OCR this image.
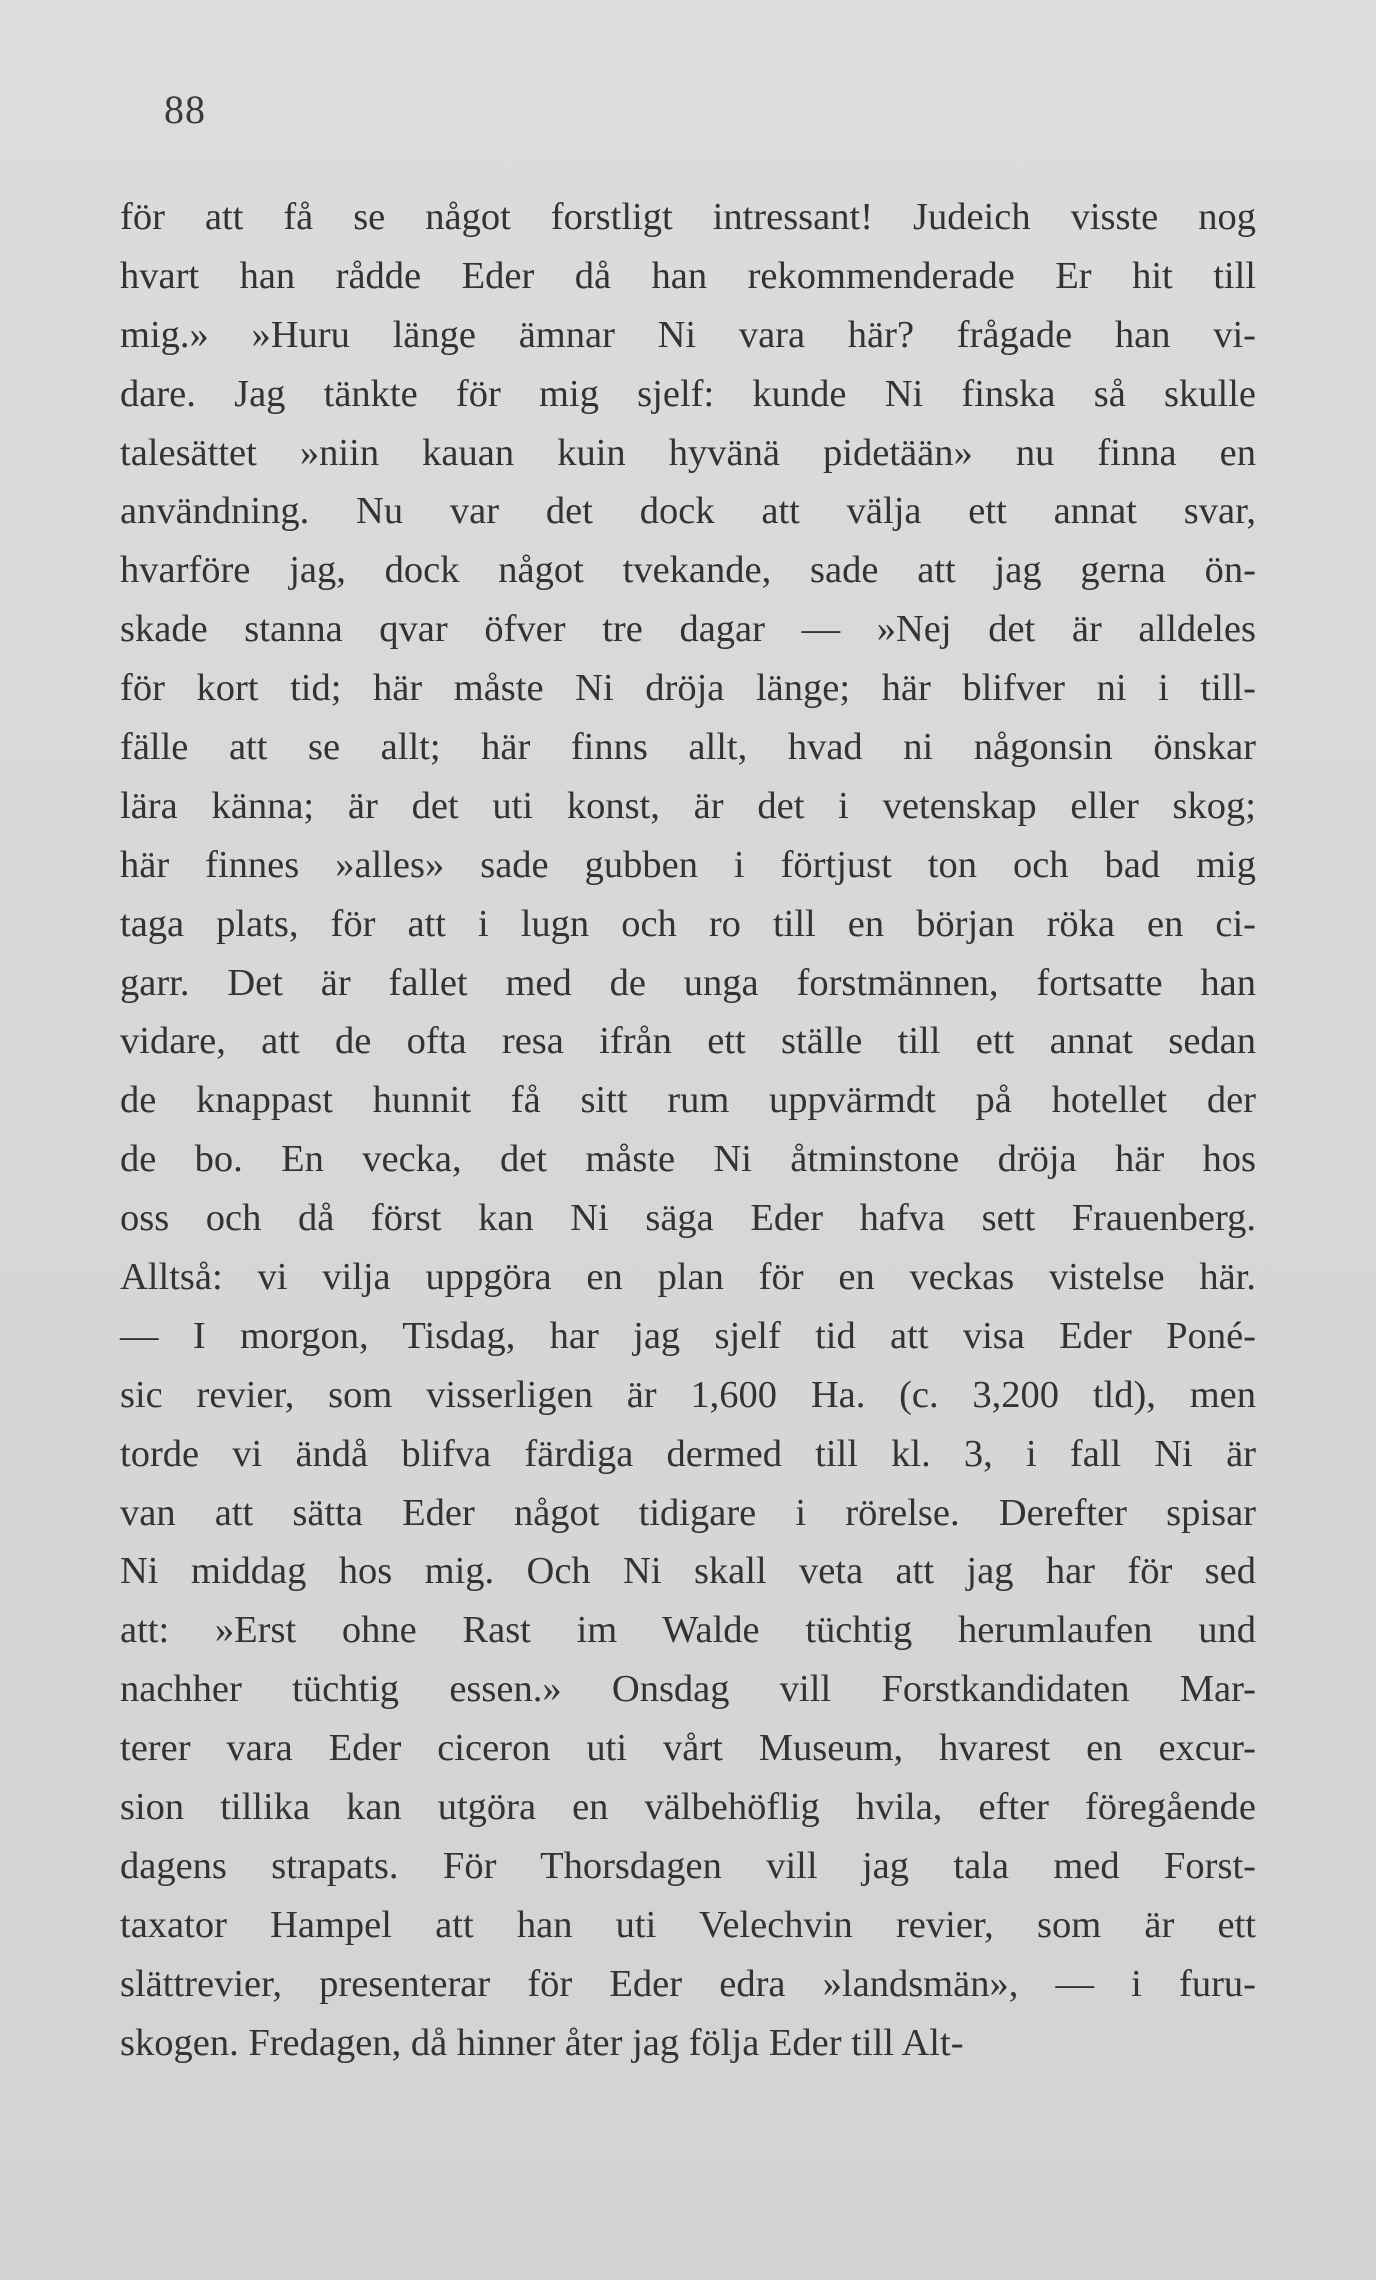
88
för att få se något forstligt intressant! Judeich visste nog
hvart han rådde Eder då han rekommenderade Er hit till
mig.» »Huru länge ämnar Ni vara här? frågade han vi-
dare. Jag tänkte för mig sjelf: kunde Ni finska så skulle
talesättet »niin kauan kuin hyvänä pidetään» nu finna en
användning. Nu var det dock att välja ett annat svar,
hvarföre jag, dock något tvekande, sade att jag gerna ön-
skade stanna qvar öfver tre dagar — »Nej det är alldeles
för kort tid; här måste Ni dröja länge; här blifver ni i till-
fälle att se allt; här finns allt, hvad ni någonsin önskar
lära känna; är det uti konst, är det i vetenskap eller skog;
här finnes »alles» sade gubben i förtjust ton och bad mig
taga plats, för att i lugn och ro till en början röka en ci-
garr. Det är fallet med de unga forstmännen, fortsatte han
vidare, att de ofta resa ifrån ett ställe till ett annat sedan
de knappast hunnit få sitt rum uppvärmdt på hotellet der
de bo. En vecka, det måste Ni åtminstone dröja här hos
oss och då först kan Ni säga Eder hafva sett Frauenberg.
Alltså: vi vilja uppgöra en plan för en veckas vistelse här.
— I morgon, Tisdag, har jag sjelf tid att visa Eder Poné-
sic revier, som visserligen är 1,600 Ha. (c. 3,200 tld), men
torde vi ändå blifva färdiga dermed till kl. 3, i fall Ni är
van att sätta Eder något tidigare i rörelse. Derefter spisar
Ni middag hos mig. Och Ni skall veta att jag har för sed
att: »Erst ohne Rast im Walde tüchtig herumlaufen und
nachher tüchtig essen.» Onsdag vill Forstkandidaten Mar-
terer vara Eder ciceron uti vårt Museum, hvarest en excur-
sion tillika kan utgöra en välbehöflig hvila, efter föregående
dagens strapats. För Thorsdagen vill jag tala med Forst-
taxator Hampel att han uti Velechvin revier, som är ett
slättrevier, presenterar för Eder edra »landsmän», — i furu-
skogen. Fredagen, då hinner åter jag följa Eder till Alt-
